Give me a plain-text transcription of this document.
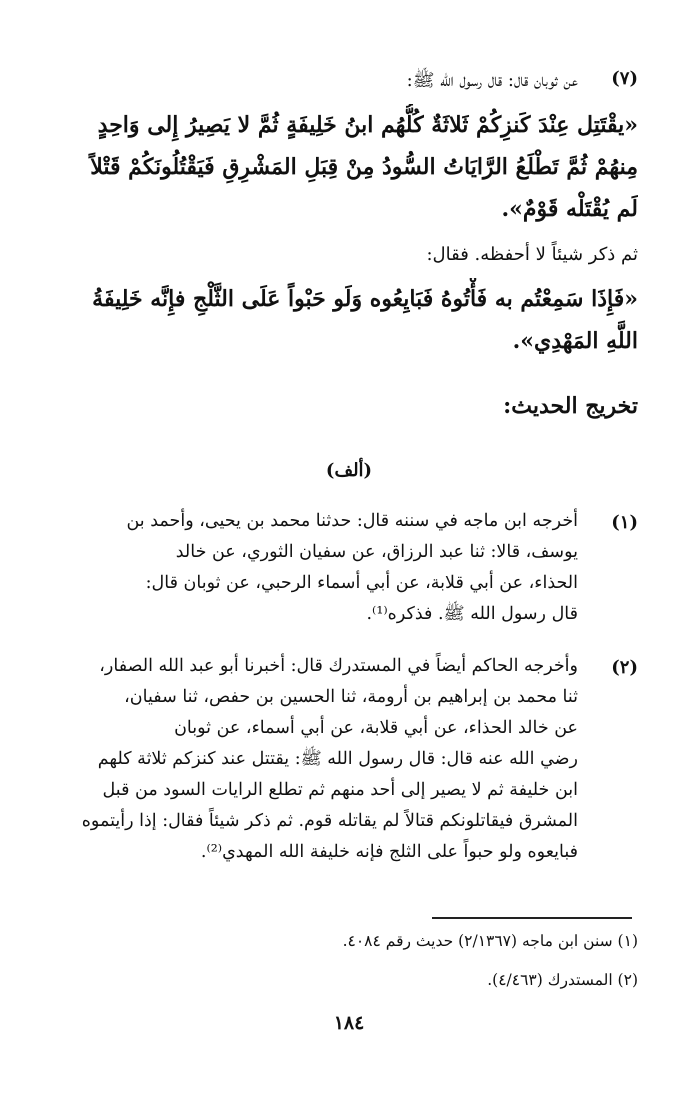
(٧)
عن ثوبان قال: قال رسول الله ﷺ:
«يقْتَتِل عِنْدَ كَنزِكُمْ ثَلاثَةٌ كُلُّهُم ابنُ خَلِيفَةٍ ثُمَّ لا يَصِيرُ إِلى وَاحِدٍ
مِنهُمْ ثُمَّ تَطْلَعُ الرَّايَاتُ السُّودُ مِنْ قِبَلِ المَشْرِقِ فَيَقْتُلُونَكُمْ قَتْلاً
لَم يُقْتَلْه قَوْمٌ».
ثم ذكر شيئاً لا أحفظه. فقال:
«فَإِذَا سَمِعْتُم به فَأْتُوهُ فَبَايِعُوه وَلَو حَبْواً عَلَى الثَّلْجِ فإِنَّه خَلِيفَةُ
اللَّهِ المَهْدِي».
تخريج الحديث:
(ألف)
(١)
أخرجه ابن ماجه في سننه قال: حدثنا محمد بن يحيى، وأحمد بن
يوسف، قالا: ثنا عبد الرزاق، عن سفيان الثوري، عن خالد
الحذاء، عن أبي قلابة، عن أبي أسماء الرحبي، عن ثوبان قال:
قال رسول الله ﷺ. فذكره⁽¹⁾.
(٢)
وأخرجه الحاكم أيضاً في المستدرك قال: أخبرنا أبو عبد الله الصفار،
ثنا محمد بن إبراهيم بن أرومة، ثنا الحسين بن حفص، ثنا سفيان،
عن خالد الحذاء، عن أبي قلابة، عن أبي أسماء، عن ثوبان
رضي الله عنه قال: قال رسول الله ﷺ: يقتتل عند كنزكم ثلاثة كلهم
ابن خليفة ثم لا يصير إلى أحد منهم ثم تطلع الرايات السود من قبل
المشرق فيقاتلونكم قتالاً لم يقاتله قوم. ثم ذكر شيئاً فقال: إذا رأيتموه
فبايعوه ولو حبواً على الثلج فإنه خليفة الله المهدي⁽²⁾.
(١) سنن ابن ماجه (٢/١٣٦٧) حديث رقم ٤٠٨٤.
(٢) المستدرك (٤/٤٦٣).
١٨٤
